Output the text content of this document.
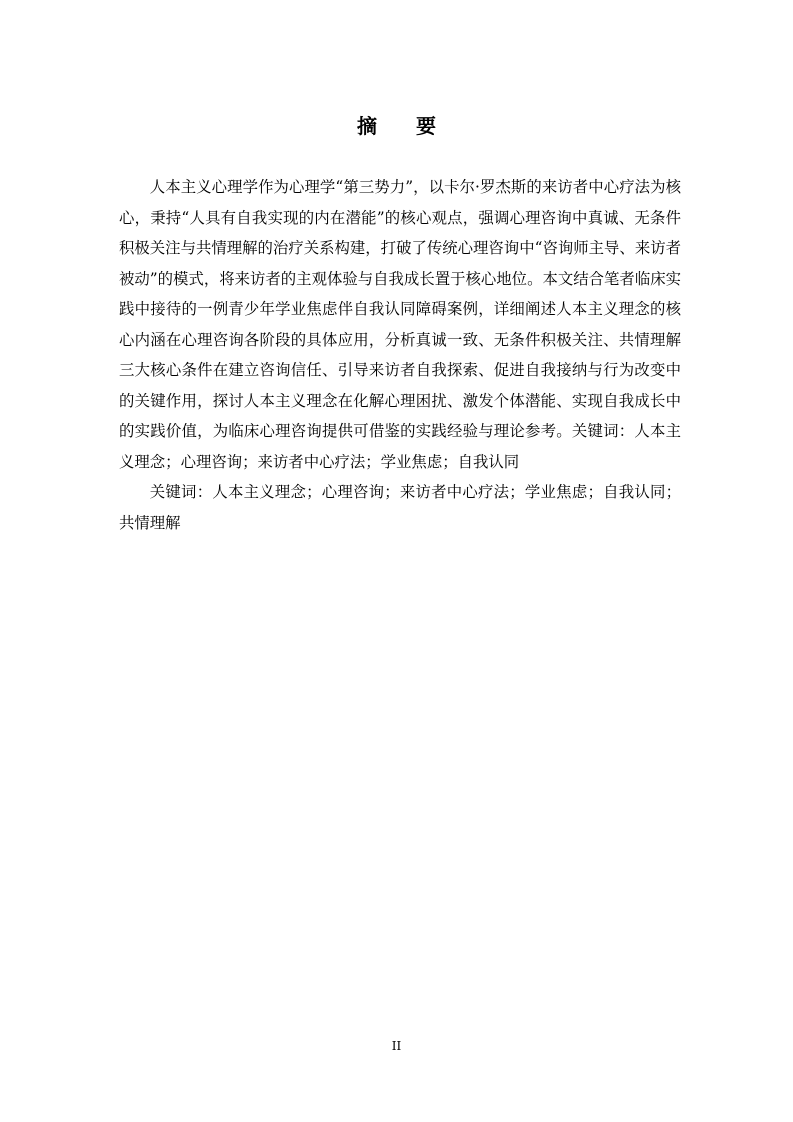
摘 要

人本主义心理学作为心理学“第三势力”，以卡尔·罗杰斯的来访者中心疗法为核心，秉持“人具有自我实现的内在潜能”的核心观点，强调心理咨询中真诚、无条件积极关注与共情理解的治疗关系构建，打破了传统心理咨询中“咨询师主导、来访者被动”的模式，将来访者的主观体验与自我成长置于核心地位。本文结合笔者临床实践中接待的一例青少年学业焦虑伴自我认同障碍案例，详细阐述人本主义理念的核心内涵在心理咨询各阶段的具体应用，分析真诚一致、无条件积极关注、共情理解三大核心条件在建立咨询信任、引导来访者自我探索、促进自我接纳与行为改变中的关键作用，探讨人本主义理念在化解心理困扰、激发个体潜能、实现自我成长中的实践价值，为临床心理咨询提供可借鉴的实践经验与理论参考。关键词：人本主义理念；心理咨询；来访者中心疗法；学业焦虑；自我认同

关键词：人本主义理念；心理咨询；来访者中心疗法；学业焦虑；自我认同；共情理解

II
